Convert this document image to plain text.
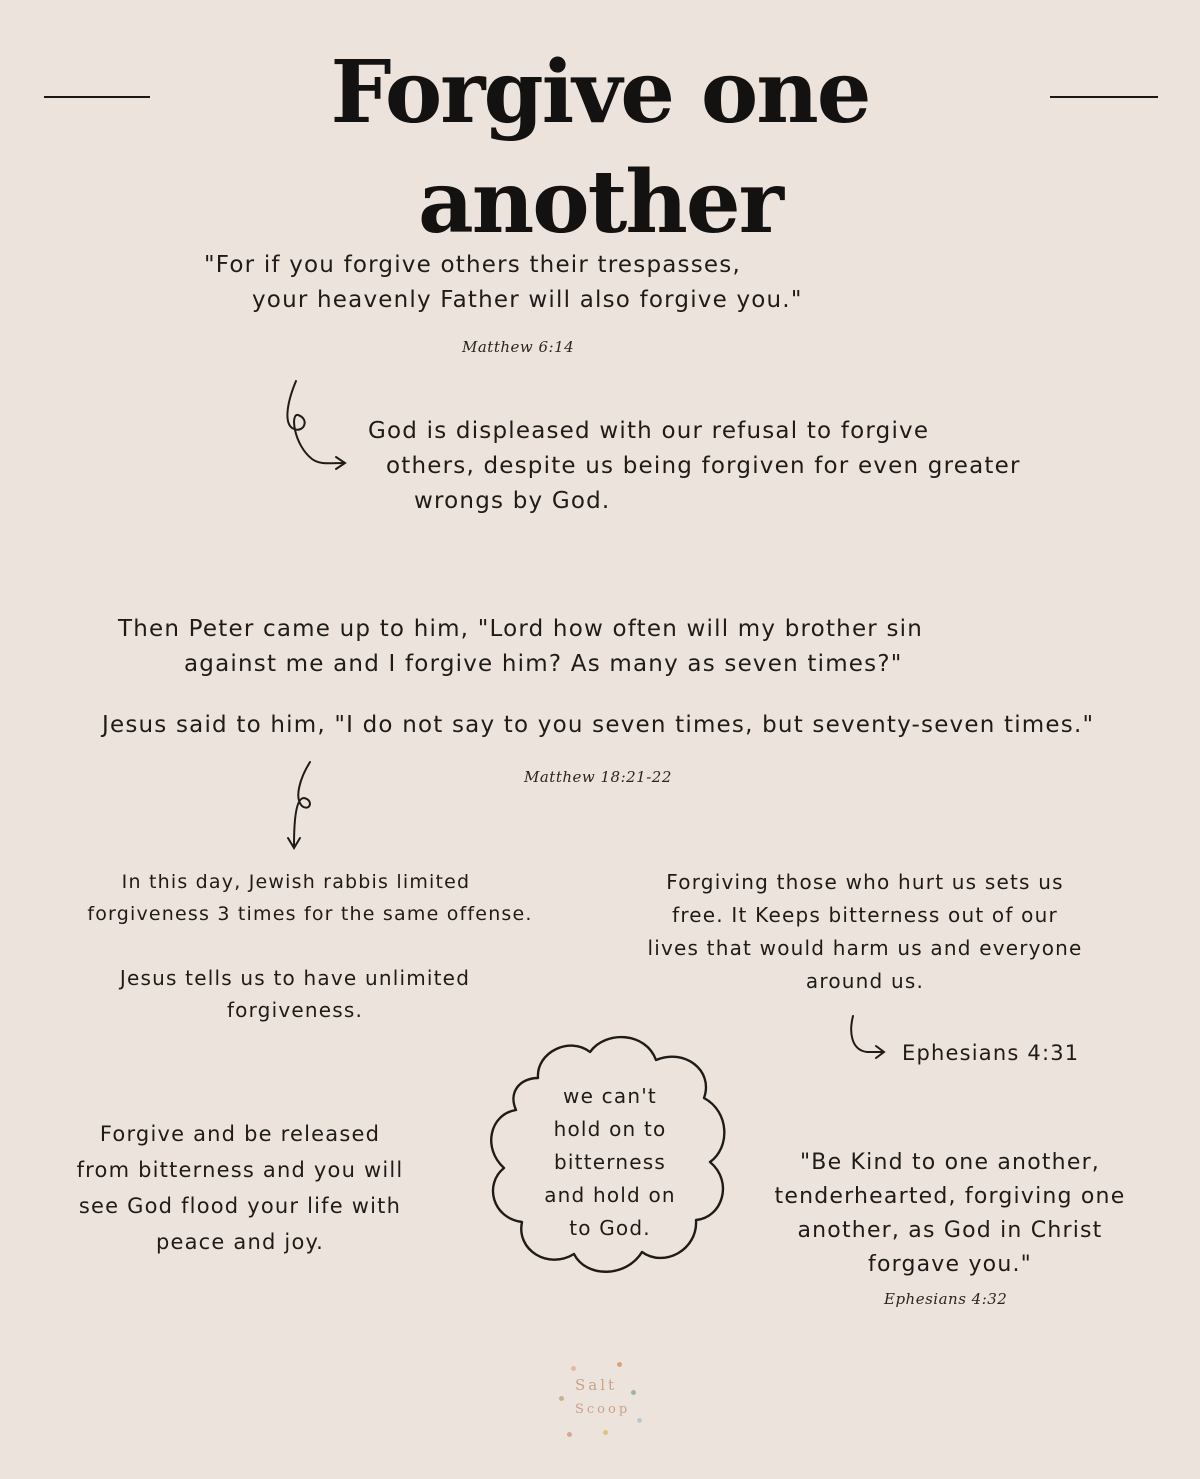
Forgive one another
"For if you forgive others their trespasses,
your heavenly Father will also forgive you."
Matthew 6:14
God is displeased with our refusal to forgive
others, despite us being forgiven for even greater
wrongs by God.
Then Peter came up to him, "Lord how often will my brother sin
against me and I forgive him? As many as seven times?"
Jesus said to him, "I do not say to you seven times, but seventy-seven times."
Matthew 18:21-22
In this day, Jewish rabbis limited
forgiveness 3 times for the same offense.
Jesus tells us to have unlimited
forgiveness.
Forgiving those who hurt us sets us
free. It Keeps bitterness out of our
lives that would harm us and everyone
around us.
Ephesians 4:31
Forgive and be released
from bitterness and you will
see God flood your life with
peace and joy.
we can't
hold on to
bitterness
and hold on
to God.
"Be Kind to one another,
tenderhearted, forgiving one
another, as God in Christ
forgave you."
Ephesians 4:32
Salt
Scoop
